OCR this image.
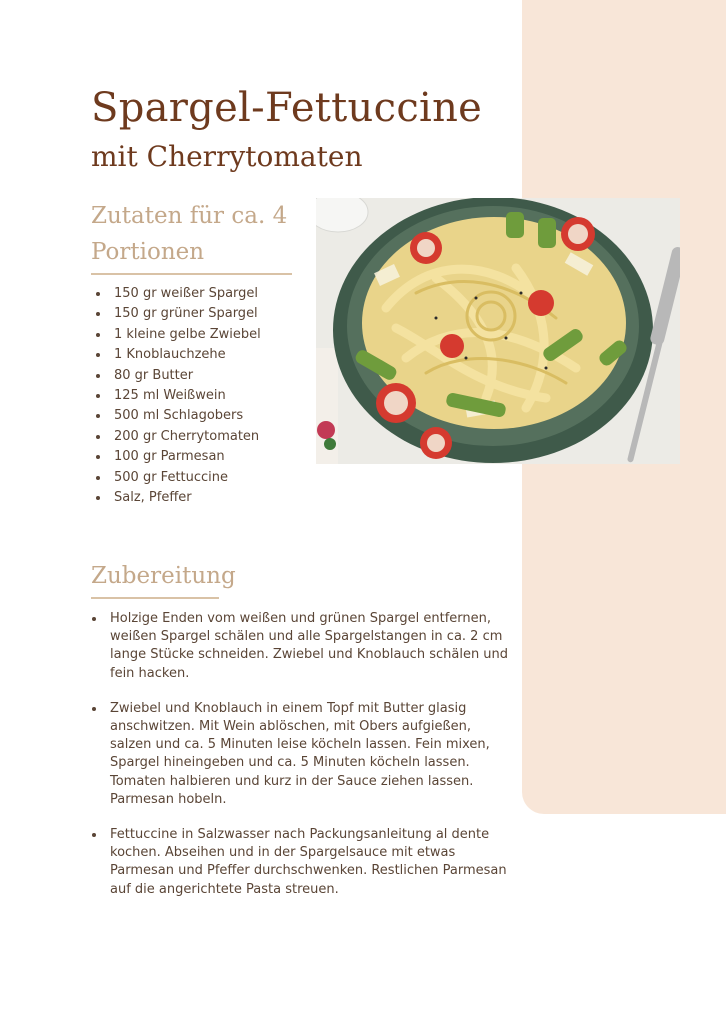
Spargel-Fettuccine
mit Cherrytomaten
Zutaten für ca. 4 Portionen
150 gr weißer Spargel
150 gr grüner Spargel
1 kleine gelbe Zwiebel
1 Knoblauchzehe
80 gr Butter
125 ml Weißwein
500 ml Schlagobers
200 gr Cherrytomaten
100 gr Parmesan
500 gr Fettuccine
Salz, Pfeffer
Zubereitung
Holzige Enden vom weißen und grünen Spargel entfernen, weißen Spargel schälen und alle Spargelstangen in ca. 2 cm lange Stücke schneiden. Zwiebel und Knoblauch schälen und fein hacken.
Zwiebel und Knoblauch in einem Topf mit Butter glasig anschwitzen. Mit Wein ablöschen, mit Obers aufgießen, salzen und ca. 5 Minuten leise köcheln lassen. Fein mixen, Spargel hineingeben und ca. 5 Minuten köcheln lassen. Tomaten halbieren und kurz in der Sauce ziehen lassen. Parmesan hobeln.
Fettuccine in Salzwasser nach Packungsanleitung al dente kochen. Abseihen und in der Spargelsauce mit etwas Parmesan und Pfeffer durchschwenken. Restlichen Parmesan auf die angerichtete Pasta streuen.
